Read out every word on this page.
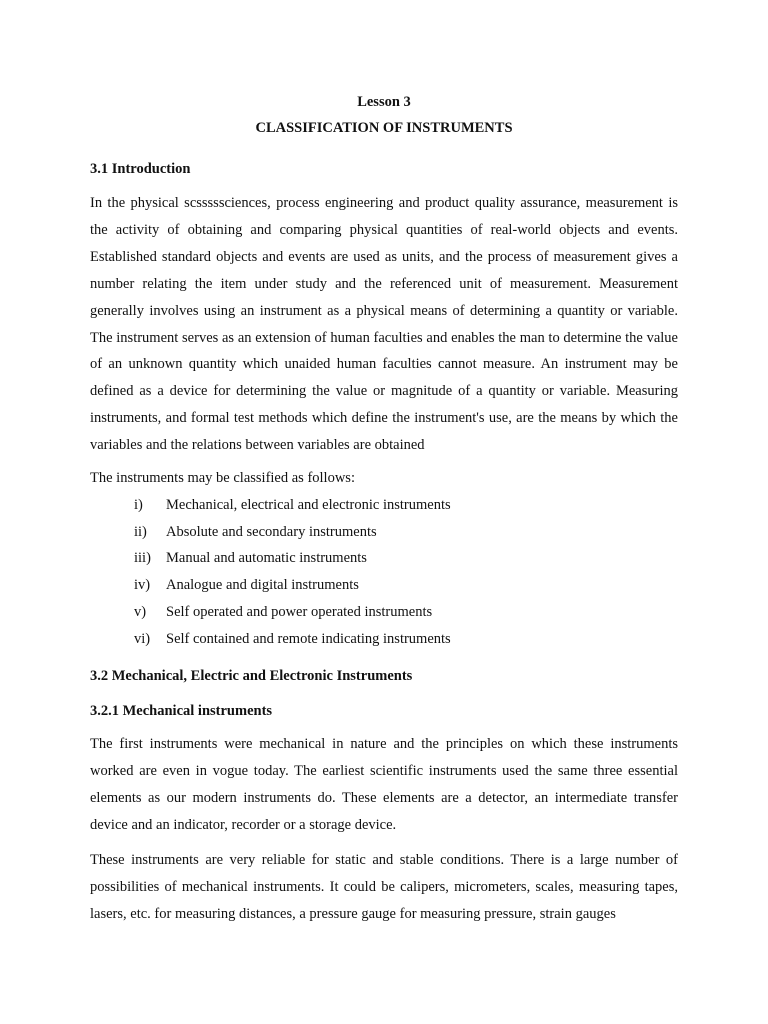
Lesson 3

CLASSIFICATION OF INSTRUMENTS

3.1 Introduction

In the physical scsssssciences, process engineering and product quality assurance, measurement is the activity of obtaining and comparing physical quantities of real-world objects and events. Established standard objects and events are used as units, and the process of measurement gives a number relating the item under study and the referenced unit of measurement. Measurement generally involves using an instrument as a physical means of determining a quantity or variable. The instrument serves as an extension of human faculties and enables the man to determine the value of an unknown quantity which unaided human faculties cannot measure. An instrument may be defined as a device for determining the value or magnitude of a quantity or variable. Measuring instruments, and formal test methods which define the instrument's use, are the means by which the variables and the relations between variables are obtained

The instruments may be classified as follows:

i)	Mechanical, electrical and electronic instruments
ii)	Absolute and secondary instruments
iii)	Manual and automatic instruments
iv)	Analogue and digital instruments
v)	Self operated and power operated instruments
vi)	Self contained and remote indicating instruments

3.2 Mechanical, Electric and Electronic Instruments

3.2.1 Mechanical instruments

The first instruments were mechanical in nature and the principles on which these instruments worked are even in vogue today. The earliest scientific instruments used the same three essential elements as our modern instruments do. These elements are a detector, an intermediate transfer device and an indicator, recorder or a storage device.

These instruments are very reliable for static and stable conditions. There is a large number of possibilities of mechanical instruments. It could be calipers, micrometers, scales, measuring tapes, lasers, etc. for measuring distances, a pressure gauge for measuring pressure, strain gauges
